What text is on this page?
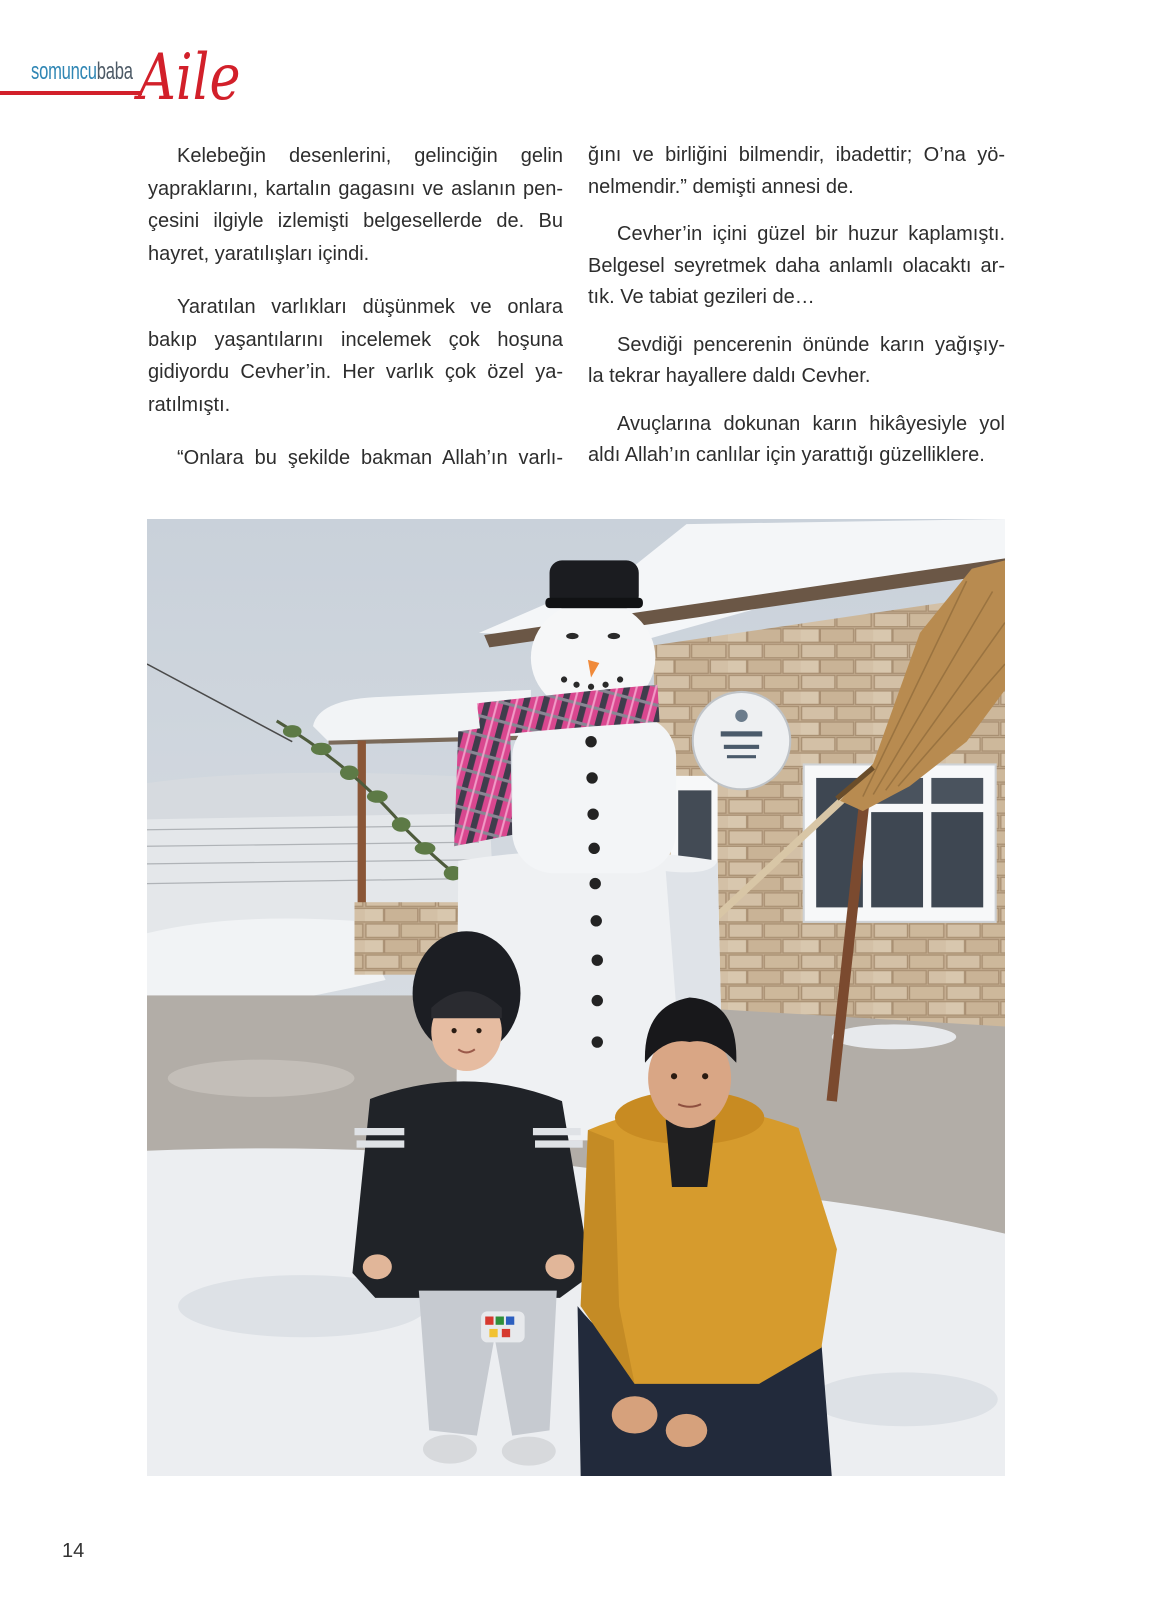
somuncubaba Aile
Kelebeğin desenlerini, gelinciğin gelin
yapraklarını, kartalın gagasını ve aslanın pen-
çesini ilgiyle izlemişti belgesellerde de. Bu
hayret, yaratılışları içindi.
Yaratılan varlıkları düşünmek ve onlara
bakıp yaşantılarını incelemek çok hoşuna
gidiyordu Cevher’in. Her varlık çok özel ya-
ratılmıştı.
“Onlara bu şekilde bakman Allah’ın varlı-
ğını ve birliğini bilmendir, ibadettir; O’na yö-
nelmendir.” demişti annesi de.
Cevher’in içini güzel bir huzur kaplamıştı.
Belgesel seyretmek daha anlamlı olacaktı ar-
tık. Ve tabiat gezileri de…
Sevdiği pencerenin önünde karın yağışıy-
la tekrar hayallere daldı Cevher.
Avuçlarına dokunan karın hikâyesiyle yol
aldı Allah’ın canlılar için yarattığı güzelliklere.
14
